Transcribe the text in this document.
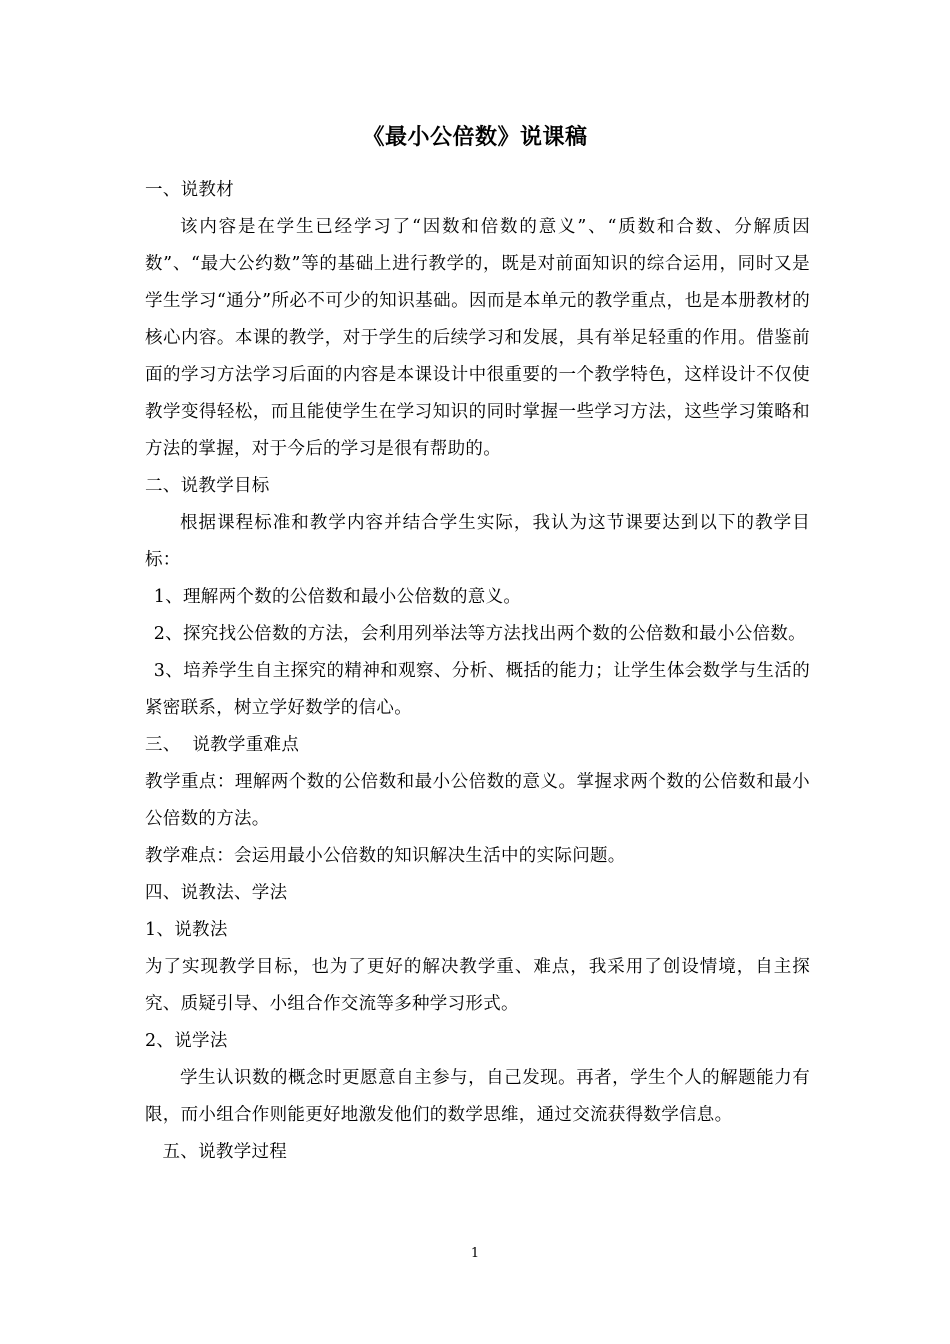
《最小公倍数》说课稿

一、说教材

该内容是在学生已经学习了“因数和倍数的意义”、“质数和合数、分解质因数”、“最大公约数”等的基础上进行教学的，既是对前面知识的综合运用，同时又是学生学习“通分”所必不可少的知识基础。因而是本单元的教学重点，也是本册教材的核心内容。本课的教学，对于学生的后续学习和发展，具有举足轻重的作用。借鉴前面的学习方法学习后面的内容是本课设计中很重要的一个教学特色，这样设计不仅使教学变得轻松，而且能使学生在学习知识的同时掌握一些学习方法，这些学习策略和方法的掌握，对于今后的学习是很有帮助的。

二、说教学目标

根据课程标准和教学内容并结合学生实际，我认为这节课要达到以下的教学目标：

1、理解两个数的公倍数和最小公倍数的意义。

2、探究找公倍数的方法，会利用列举法等方法找出两个数的公倍数和最小公倍数。

3、培养学生自主探究的精神和观察、分析、概括的能力；让学生体会数学与生活的紧密联系，树立学好数学的信心。

三、  说教学重难点

教学重点：理解两个数的公倍数和最小公倍数的意义。掌握求两个数的公倍数和最小公倍数的方法。

教学难点：会运用最小公倍数的知识解决生活中的实际问题。

四、说教法、学法

1、说教法

为了实现教学目标，也为了更好的解决教学重、难点，我采用了创设情境，自主探究、质疑引导、小组合作交流等多种学习形式。

2、说学法

学生认识数的概念时更愿意自主参与，自己发现。再者，学生个人的解题能力有限，而小组合作则能更好地激发他们的数学思维，通过交流获得数学信息。

五、说教学过程

1
